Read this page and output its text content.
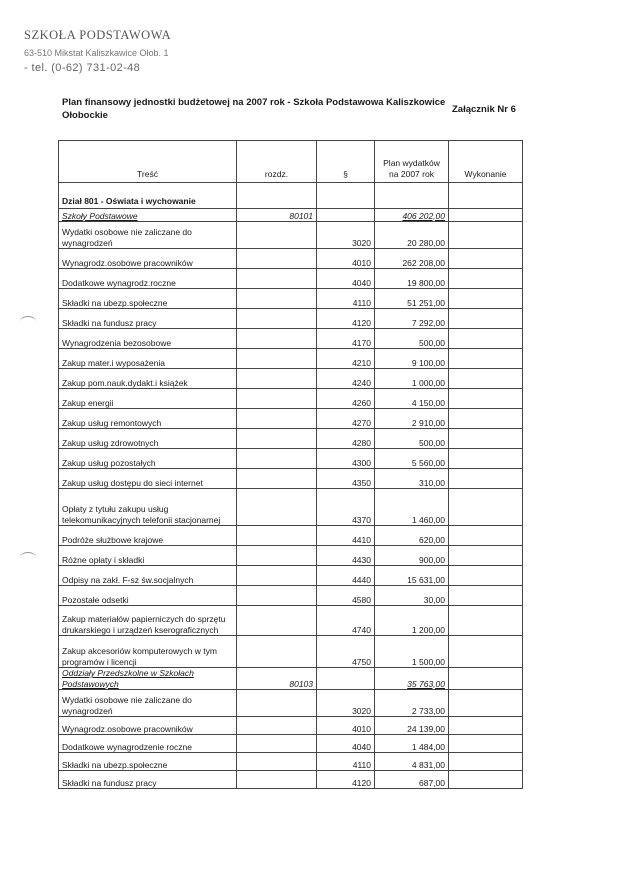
SZKOŁA PODSTAWOWA
63-510 Mikstat Kaliszkawice Ołob. 1
- tel. (0-62) 731-02-48
Plan finansowy jednostki budżetowej na 2007 rok - Szkoła Podstawowa Kaliszkowice Ołobockie
Załącznik Nr 6
Treść	rozdz.	§	Plan wydatków na 2007 rok	Wykonanie
Dział 801 - Oświata i wychowanie				
Szkoły Podstawowe	80101		406 202,00	
Wydatki osobowe nie zaliczane do wynagrodzeń		3020	20 280,00	
Wynagrodz.osobowe pracowników		4010	262 208,00	
Dodatkowe wynagrodz.roczne		4040	19 800,00	
Składki na ubezp.społeczne		4110	51 251,00	
Składki na fundusz pracy		4120	7 292,00	
Wynagrodzenia bezosobowe		4170	500,00	
Zakup mater.i wyposażenia		4210	9 100,00	
Zakup pom.nauk.dydakt.i książek		4240	1 000,00	
Zakup energii		4260	4 150,00	
Zakup usług remontowych		4270	2 910,00	
Zakup usług zdrowotnych		4280	500,00	
Zakup usług pozostałych		4300	5 560,00	
Zakup usług dostępu do sieci internet		4350	310,00	
Opłaty z tytułu zakupu usług telekomunikacyjnych telefonii stacjonarnej		4370	1 460,00	
Podróże służbowe krajowe		4410	620,00	
Różne opłaty i składki		4430	900,00	
Odpisy na zakł. F-sz św.socjalnych		4440	15 631,00	
Pozostałe odsetki		4580	30,00	
Zakup materiałów papierniczych do sprzętu drukarskiego i urządzeń kserograficznych		4740	1 200,00	
Zakup akcesoriów komputerowych w tym programów i licencji		4750	1 500,00	
Oddziały Przedszkolne w Szkołach Podstawowych	80103		35 763,00	
Wydatki osobowe nie zaliczane do wynagrodzeń		3020	2 733,00	
Wynagrodz.osobowe pracowników		4010	24 139,00	
Dodatkowe wynagrodzenie roczne		4040	1 484,00	
Składki na ubezp.społeczne		4110	4 831,00	
Składki na fundusz pracy		4120	687,00	
